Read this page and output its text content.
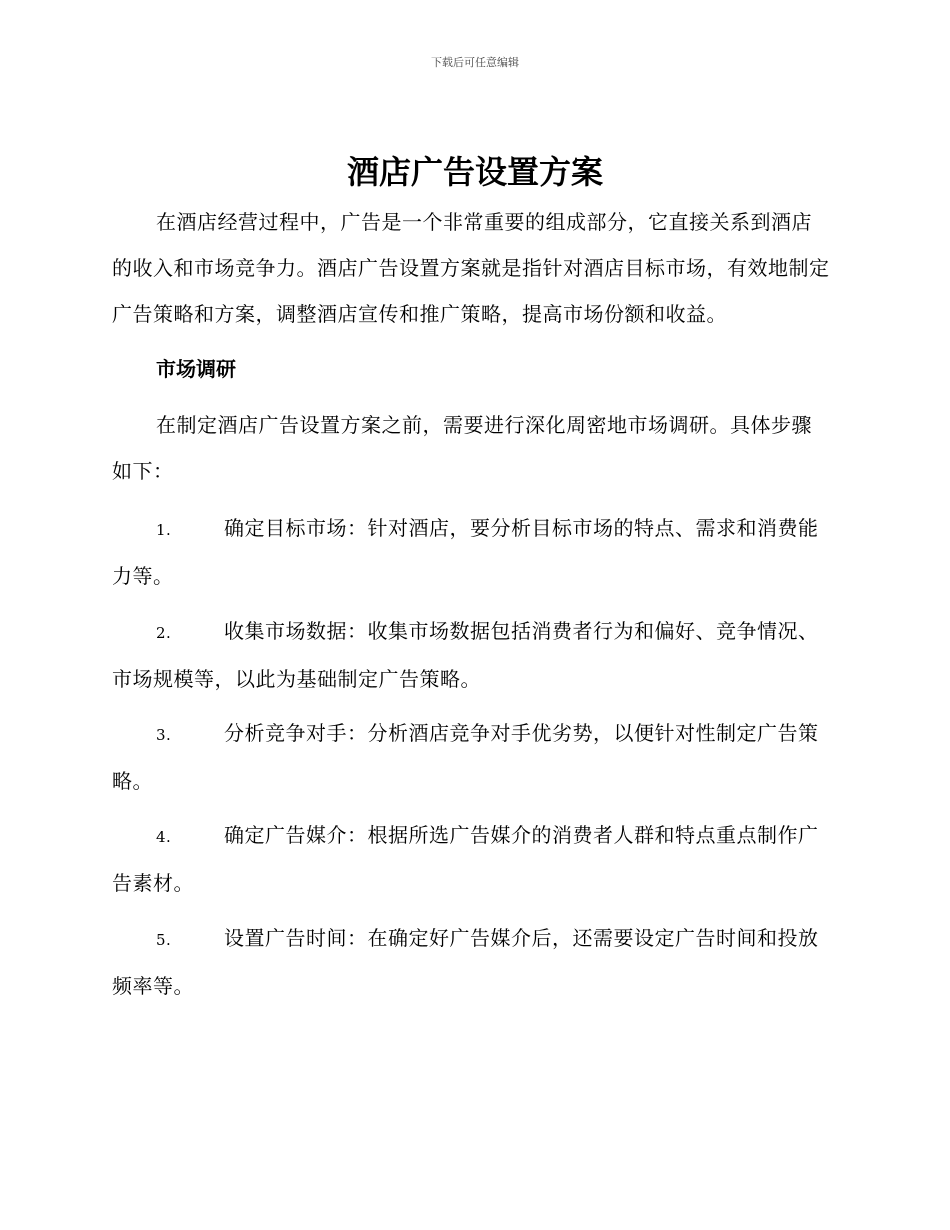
下载后可任意编辑
酒店广告设置方案

在酒店经营过程中，广告是一个非常重要的组成部分，它直接关系到酒店的收入和市场竞争力。酒店广告设置方案就是指针对酒店目标市场，有效地制定广告策略和方案，调整酒店宣传和推广策略，提高市场份额和收益。

市场调研

在制定酒店广告设置方案之前，需要进行深化周密地市场调研。具体步骤如下：

1.	确定目标市场：针对酒店，要分析目标市场的特点、需求和消费能力等。

2.	收集市场数据：收集市场数据包括消费者行为和偏好、竞争情况、市场规模等，以此为基础制定广告策略。

3.	分析竞争对手：分析酒店竞争对手优劣势，以便针对性制定广告策略。

4.	确定广告媒介：根据所选广告媒介的消费者人群和特点重点制作广告素材。

5.	设置广告时间：在确定好广告媒介后，还需要设定广告时间和投放频率等。
